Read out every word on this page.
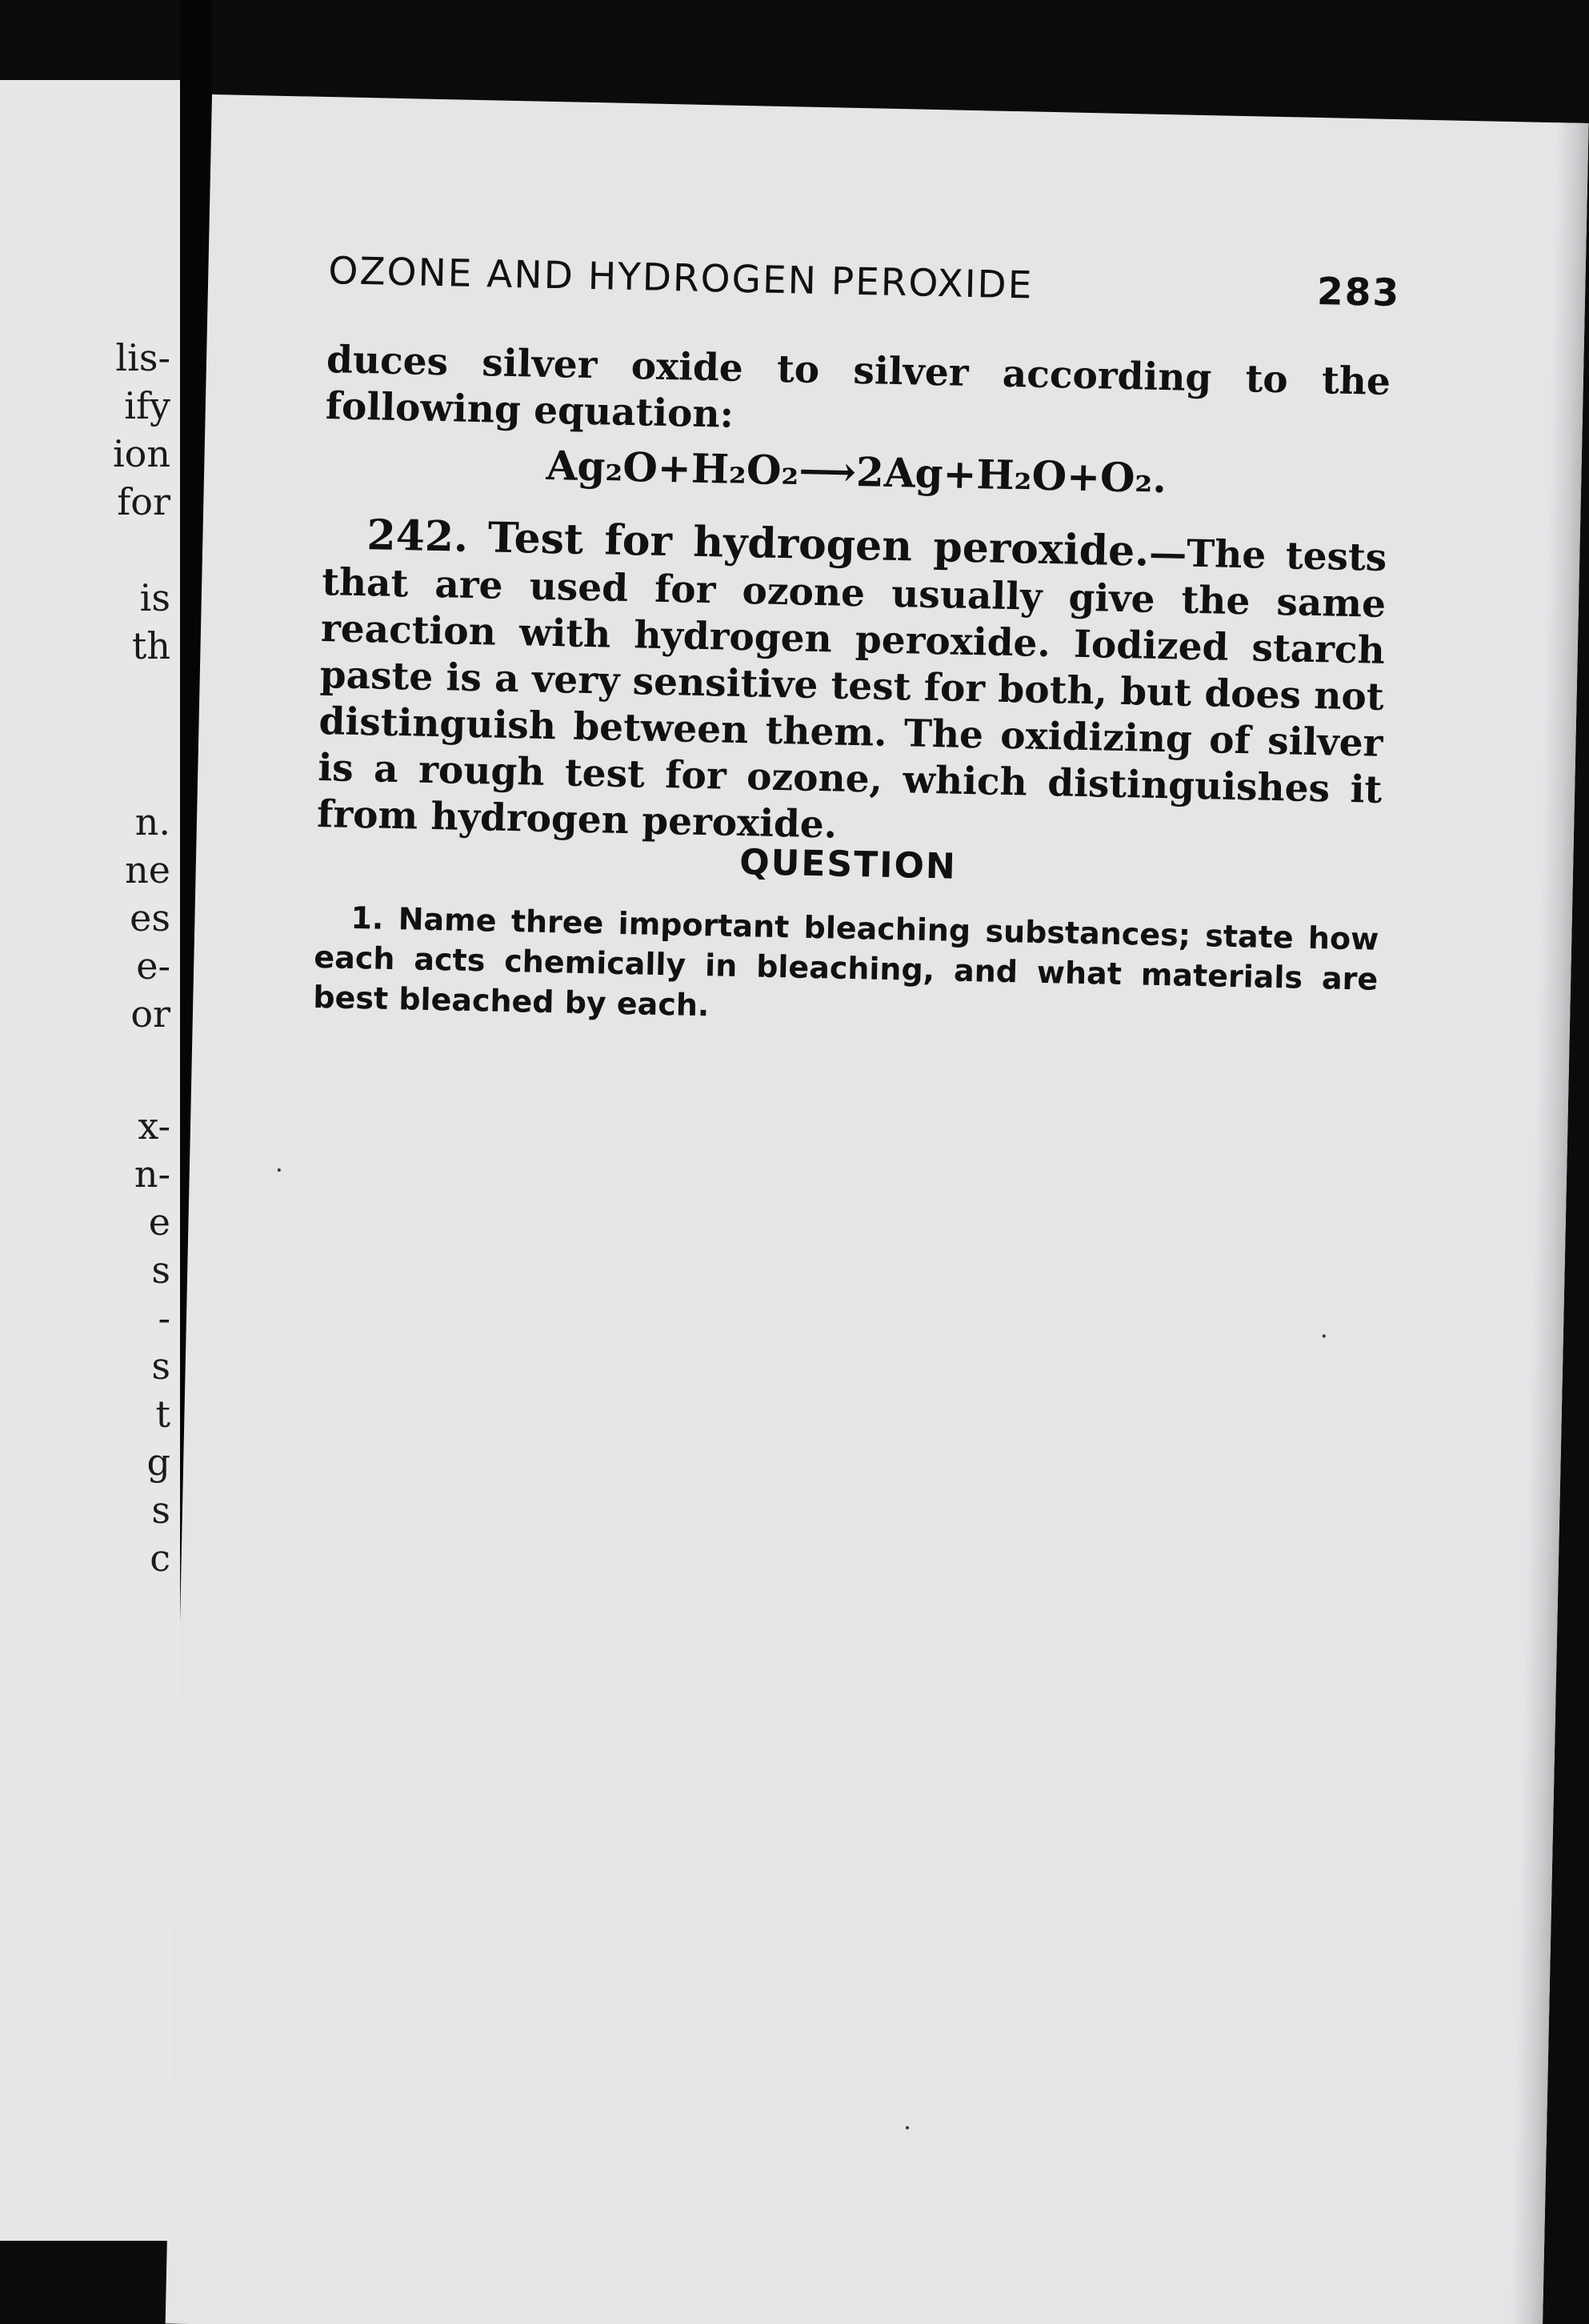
lis-
ify
ion
for
is
th
n.
ne
es
e-
or
x-
n-
e
s
-
s
t
g
s
c
OZONE AND HYDROGEN PEROXIDE	283
duces silver oxide to silver according to the following equation:
Ag₂O+H₂O₂⟶2Ag+H₂O+O₂.
242. Test for hydrogen peroxide.—The tests that are used for ozone usually give the same reaction with hydrogen peroxide. Iodized starch paste is a very sensitive test for both, but does not distinguish between them. The oxidizing of silver is a rough test for ozone, which distinguishes it from hydrogen peroxide.
QUESTION
1. Name three important bleaching substances; state how each acts chemically in bleaching, and what materials are best bleached by each.
